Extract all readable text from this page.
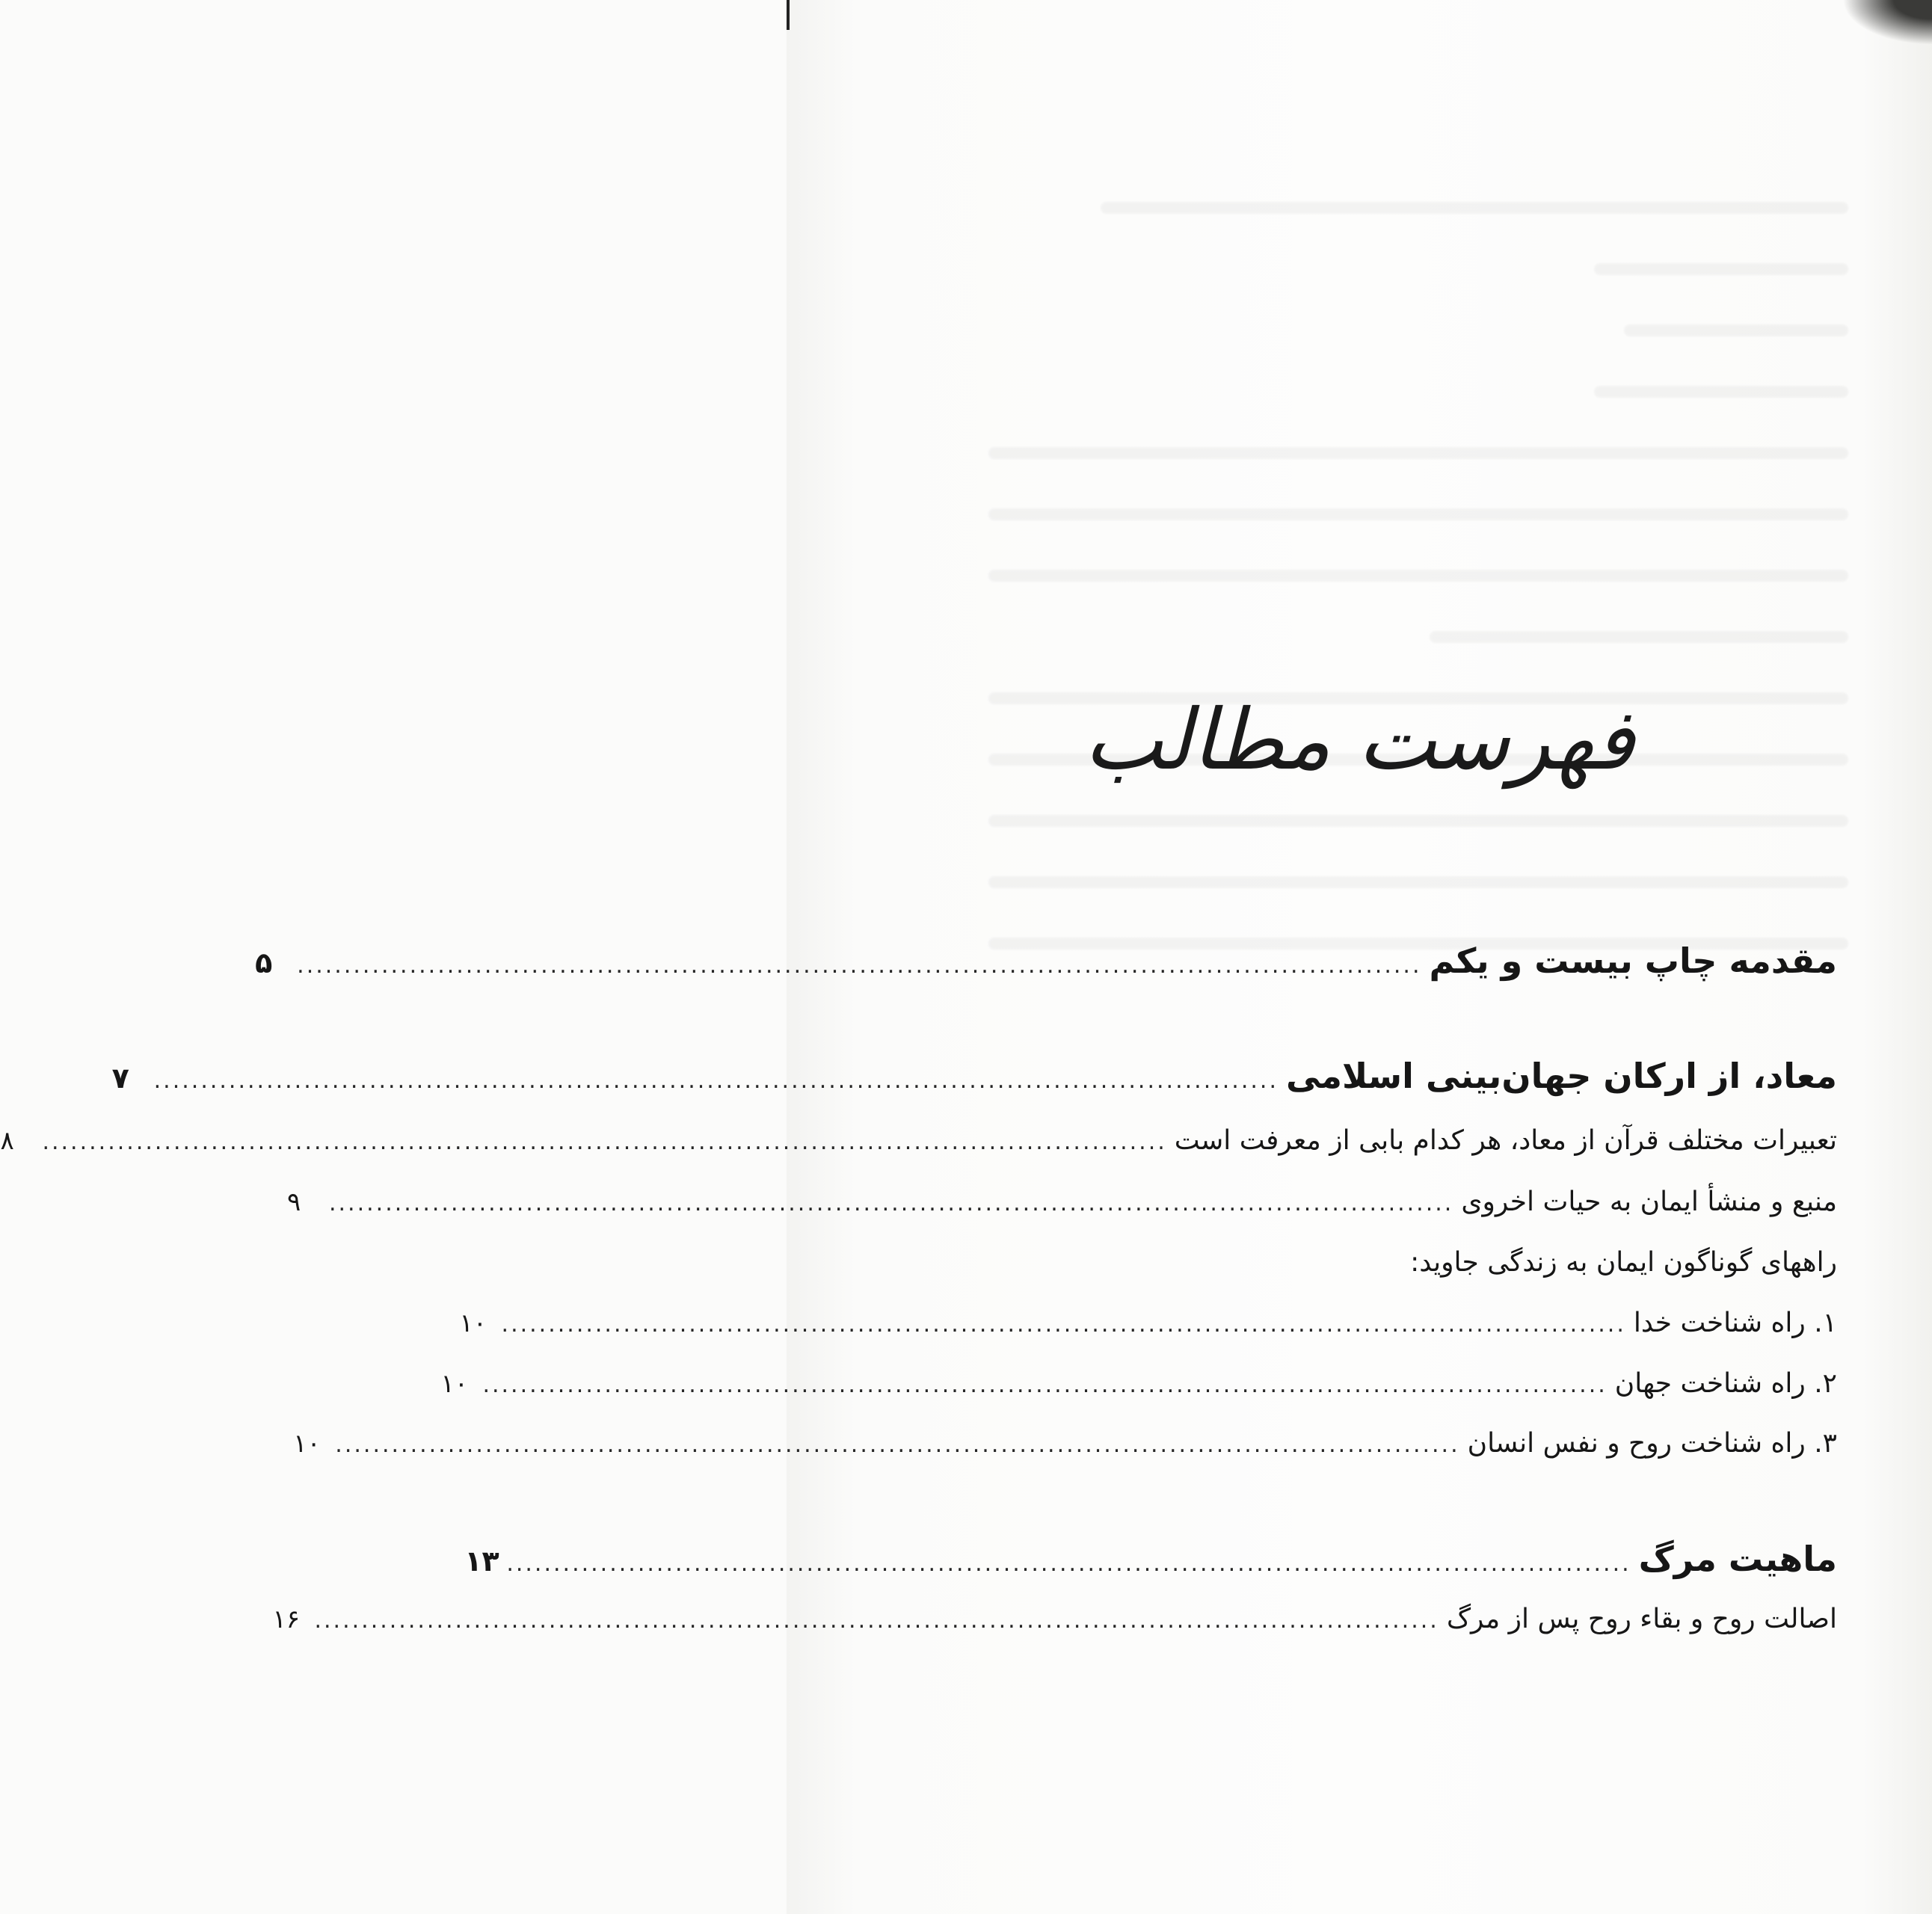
فهرست مطالب
مقدمه چاپ بیست و یکم
........................................................................................................................
۵
معاد، از ارکان جهان‌بینی اسلامی
........................................................................................................................
۷
تعبیرات مختلف قرآن از معاد، هر کدام بابی از معرفت است
........................................................................................................................
۸
منبع و منشأ ایمان به حیات اخروی
........................................................................................................................
۹
راههای گوناگون ایمان به زندگی جاوید:
۱. راه شناخت خدا
........................................................................................................................
۱۰
۲. راه شناخت جهان
........................................................................................................................
۱۰
۳. راه شناخت روح و نفس انسان
........................................................................................................................
۱۰
ماهیت مرگ
........................................................................................................................
۱۳
اصالت روح و بقاء روح پس از مرگ
........................................................................................................................
۱۶
